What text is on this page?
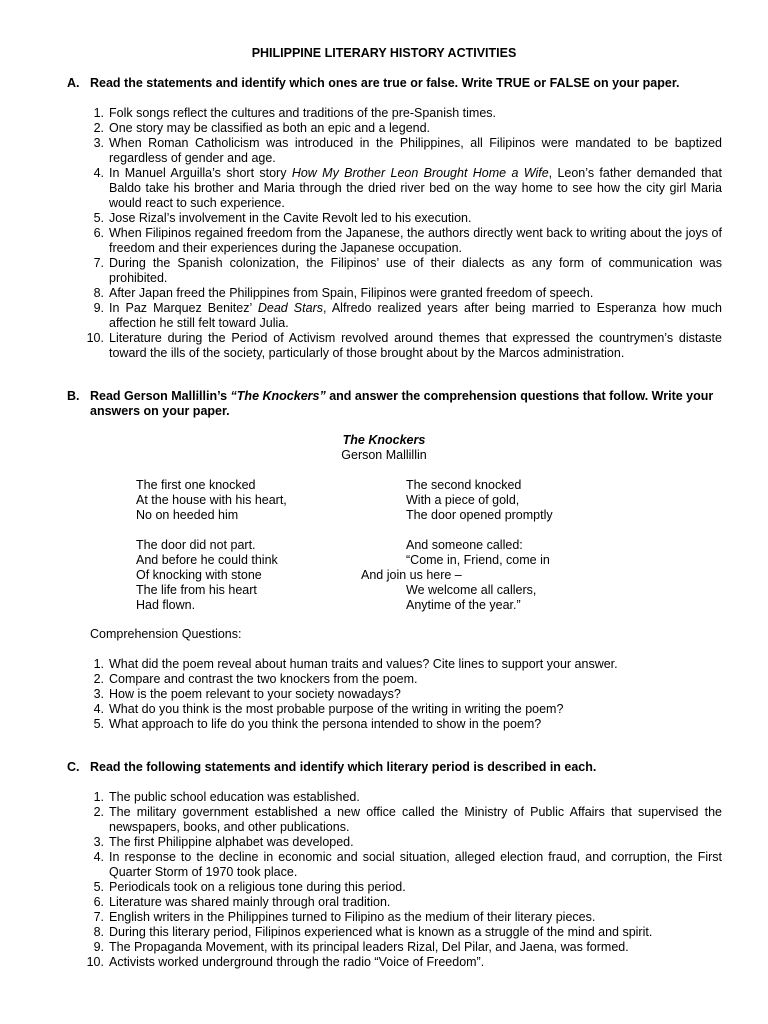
PHILIPPINE LITERARY HISTORY ACTIVITIES
A. Read the statements and identify which ones are true or false. Write TRUE or FALSE on your paper.
1. Folk songs reflect the cultures and traditions of the pre-Spanish times.
2. One story may be classified as both an epic and a legend.
3. When Roman Catholicism was introduced in the Philippines, all Filipinos were mandated to be baptized regardless of gender and age.
4. In Manuel Arguilla’s short story How My Brother Leon Brought Home a Wife, Leon’s father demanded that Baldo take his brother and Maria through the dried river bed on the way home to see how the city girl Maria would react to such experience.
5. Jose Rizal’s involvement in the Cavite Revolt led to his execution.
6. When Filipinos regained freedom from the Japanese, the authors directly went back to writing about the joys of freedom and their experiences during the Japanese occupation.
7. During the Spanish colonization, the Filipinos’ use of their dialects as any form of communication was prohibited.
8. After Japan freed the Philippines from Spain, Filipinos were granted freedom of speech.
9. In Paz Marquez Benitez’ Dead Stars, Alfredo realized years after being married to Esperanza how much affection he still felt toward Julia.
10. Literature during the Period of Activism revolved around themes that expressed the countrymen’s distaste toward the ills of the society, particularly of those brought about by the Marcos administration.
B. Read Gerson Mallillin’s “The Knockers” and answer the comprehension questions that follow. Write your answers on your paper.
The Knockers
Gerson Mallillin
The first one knocked
At the house with his heart,
No on heeded him
The door did not part.
And before he could think
Of knocking with stone
The life from his heart
Had flown.
The second knocked
With a piece of gold,
The door opened promptly
And someone called:
“Come in, Friend, come in
And join us here –
We welcome all callers,
Anytime of the year.”
Comprehension Questions:
1. What did the poem reveal about human traits and values? Cite lines to support your answer.
2. Compare and contrast the two knockers from the poem.
3. How is the poem relevant to your society nowadays?
4. What do you think is the most probable purpose of the writing in writing the poem?
5. What approach to life do you think the persona intended to show in the poem?
C. Read the following statements and identify which literary period is described in each.
1. The public school education was established.
2. The military government established a new office called the Ministry of Public Affairs that supervised the newspapers, books, and other publications.
3. The first Philippine alphabet was developed.
4. In response to the decline in economic and social situation, alleged election fraud, and corruption, the First Quarter Storm of 1970 took place.
5. Periodicals took on a religious tone during this period.
6. Literature was shared mainly through oral tradition.
7. English writers in the Philippines turned to Filipino as the medium of their literary pieces.
8. During this literary period, Filipinos experienced what is known as a struggle of the mind and spirit.
9. The Propaganda Movement, with its principal leaders Rizal, Del Pilar, and Jaena, was formed.
10. Activists worked underground through the radio “Voice of Freedom”.
